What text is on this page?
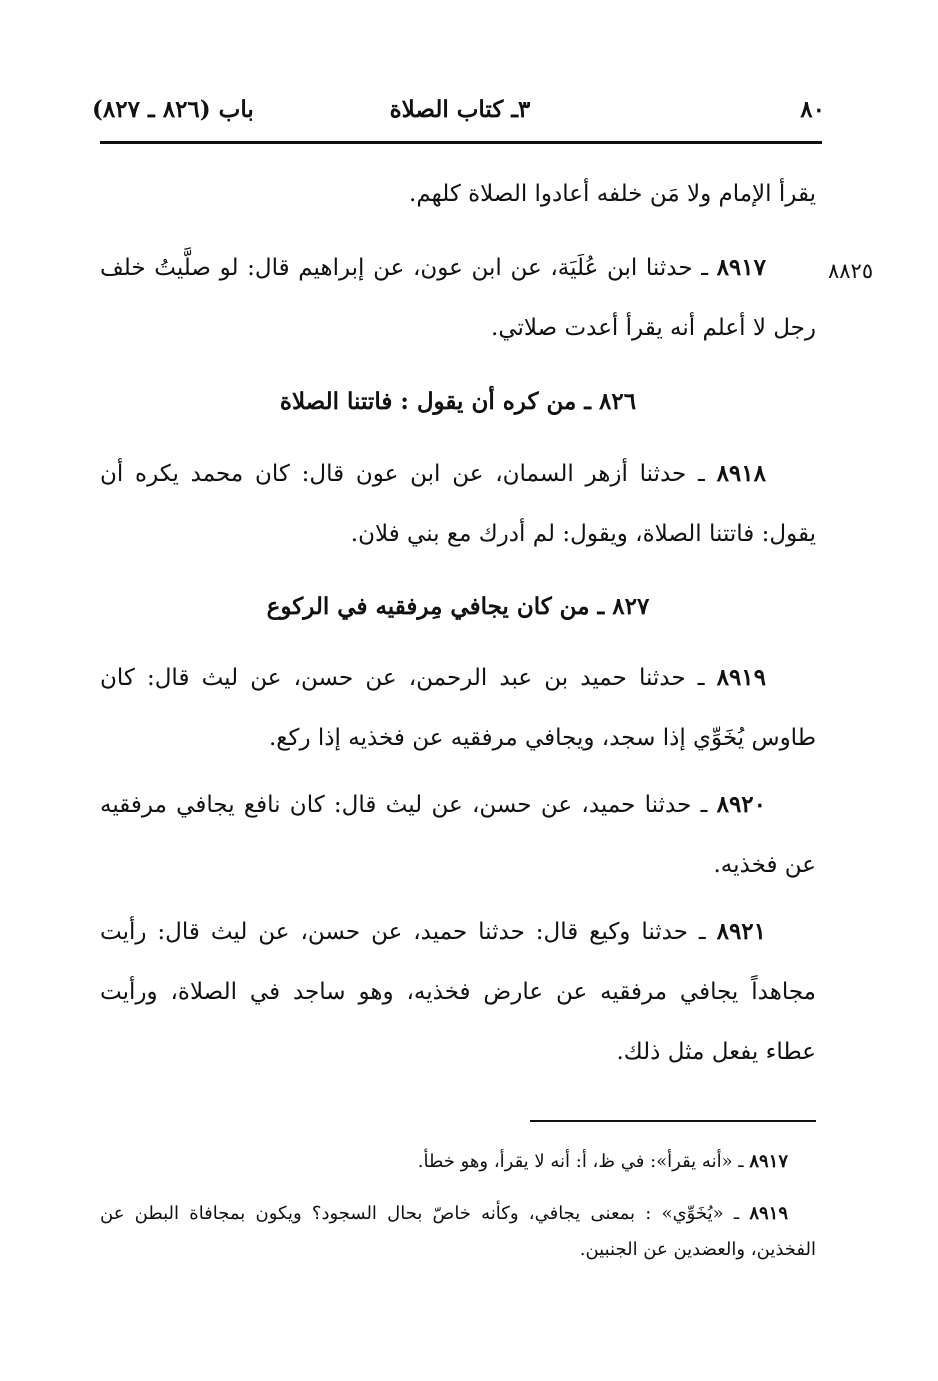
٨٠
٣ـ كتاب الصلاة
باب (٨٢٦ ـ ٨٢٧)
يقرأ الإمام ولا مَن خلفه أعادوا الصلاة كلهم.
٨٨٢٥
٨٩١٧ ـ حدثنا ابن عُلَيَة، عن ابن عون، عن إبراهيم قال: لو صلَّيتُ خلف رجل لا أعلم أنه يقرأ أعدت صلاتي.
٨٢٦ ـ من كره أن يقول : فاتتنا الصلاة
٨٩١٨ ـ حدثنا أزهر السمان، عن ابن عون قال: كان محمد يكره أن يقول: فاتتنا الصلاة، ويقول: لم أدرك مع بني فلان.
٨٢٧ ـ من كان يجافي مِرفقيه في الركوع
٨٩١٩ ـ حدثنا حميد بن عبد الرحمن، عن حسن، عن ليث قال: كان طاوس يُخَوِّي إذا سجد، ويجافي مرفقيه عن فخذيه إذا ركع.
٨٩٢٠ ـ حدثنا حميد، عن حسن، عن ليث قال: كان نافع يجافي مرفقيه عن فخذيه.
٨٩٢١ ـ حدثنا وكيع قال: حدثنا حميد، عن حسن، عن ليث قال: رأيت مجاهداً يجافي مرفقيه عن عارض فخذيه، وهو ساجد في الصلاة، ورأيت عطاء يفعل مثل ذلك.
٨٩١٧ ـ «أنه يقرأ»: في ظ، أ: أنه لا يقرأ، وهو خطأ.
٨٩١٩ ـ «يُخَوِّي» : بمعنى يجافي، وكأنه خاصّ بحال السجود؟ ويكون بمجافاة البطن عن الفخذين، والعضدين عن الجنبين.
